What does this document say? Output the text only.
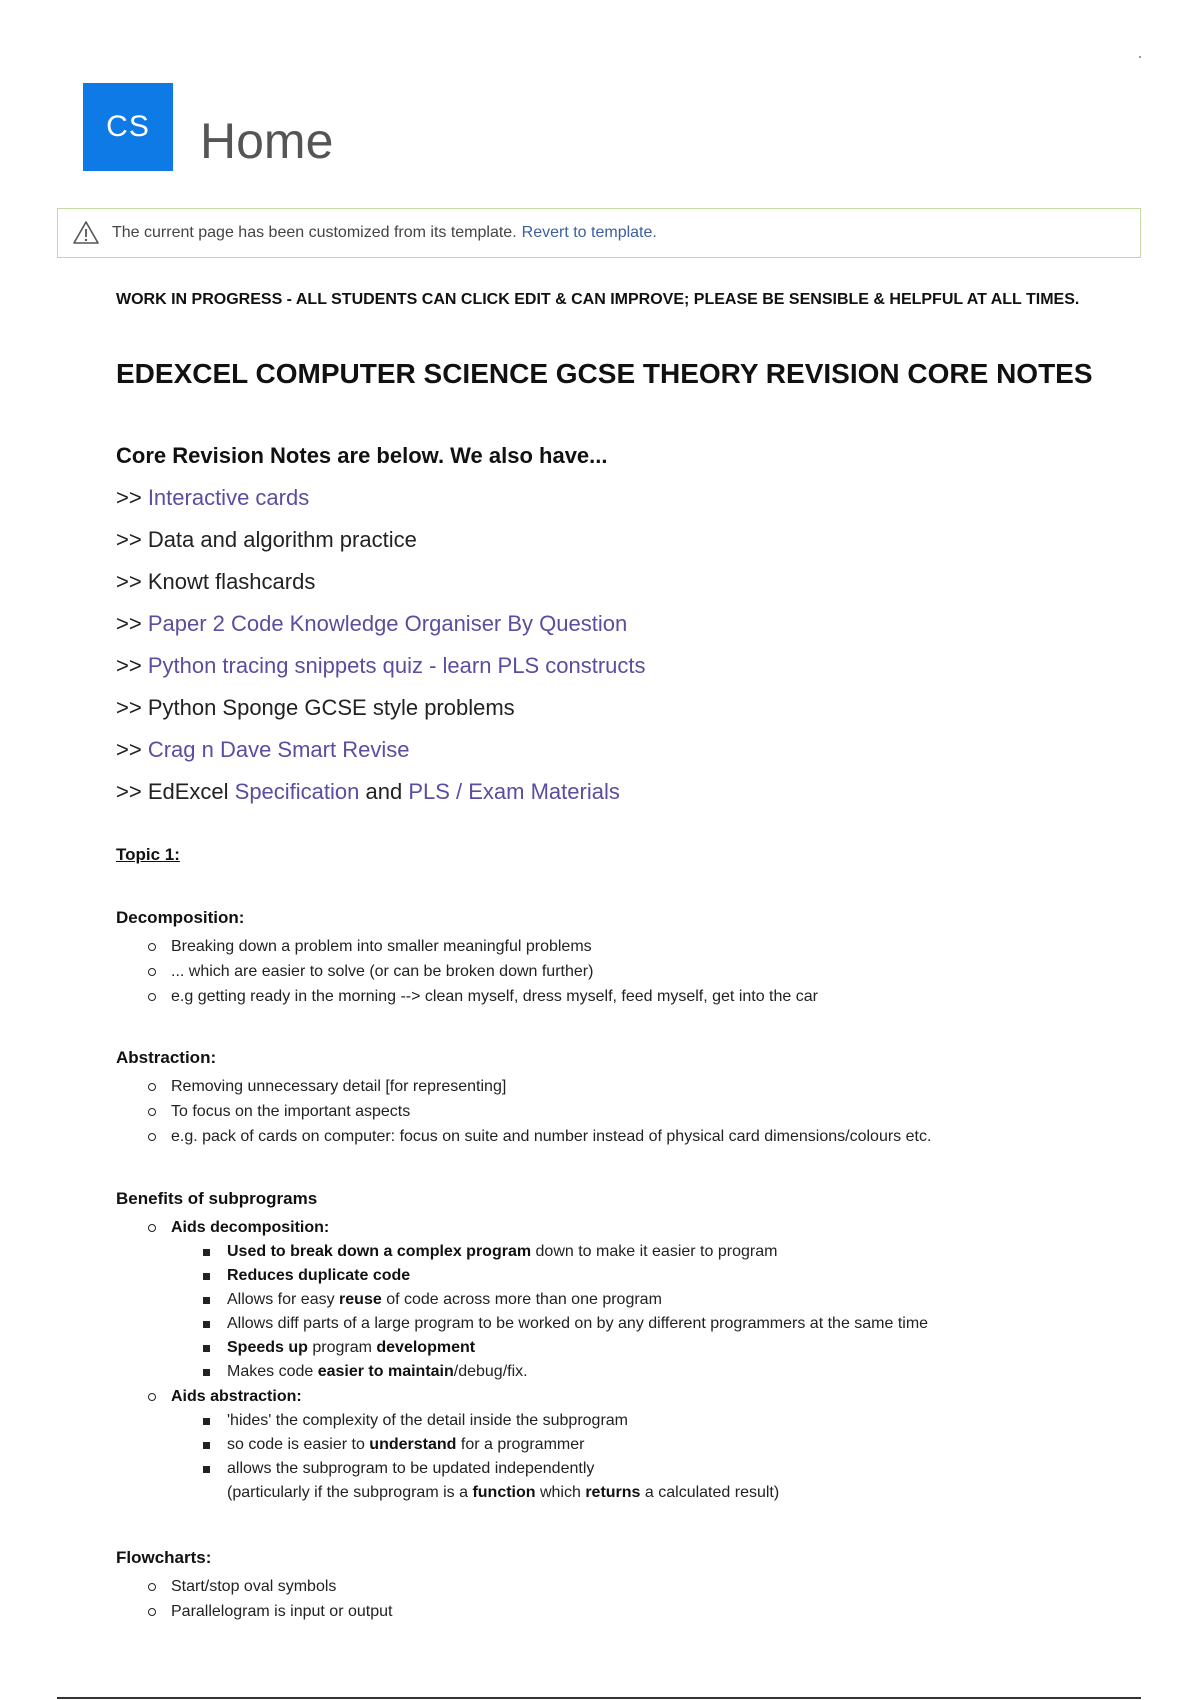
CS Home
The current page has been customized from its template. Revert to template.
WORK IN PROGRESS - ALL STUDENTS CAN CLICK EDIT & CAN IMPROVE; PLEASE BE SENSIBLE & HELPFUL AT ALL TIMES.
EDEXCEL COMPUTER SCIENCE GCSE THEORY REVISION CORE NOTES
Core Revision Notes are below. We also have...
>> Interactive cards
>> Data and algorithm practice
>> Knowt flashcards
>> Paper 2 Code Knowledge Organiser By Question
>> Python tracing snippets quiz - learn PLS constructs
>> Python Sponge GCSE style problems
>> Crag n Dave Smart Revise
>> EdExcel Specification and PLS / Exam Materials
Topic 1:
Decomposition:
Breaking down a problem into smaller meaningful problems
... which are easier to solve (or can be broken down further)
e.g getting ready in the morning --> clean myself, dress myself, feed myself, get into the car
Abstraction:
Removing unnecessary detail [for representing]
To focus on the important aspects
e.g. pack of cards on computer: focus on suite and number instead of physical card dimensions/colours etc.
Benefits of subprograms
Aids decomposition:
Used to break down a complex program down to make it easier to program
Reduces duplicate code
Allows for easy reuse of code across more than one program
Allows diff parts of a large program to be worked on by any different programmers at the same time
Speeds up program development
Makes code easier to maintain/debug/fix.
Aids abstraction:
'hides' the complexity of the detail inside the subprogram
so code is easier to understand for a programmer
allows the subprogram to be updated independently
(particularly if the subprogram is a function which returns a calculated result)
Flowcharts:
Start/stop oval symbols
Parallelogram is input or output
